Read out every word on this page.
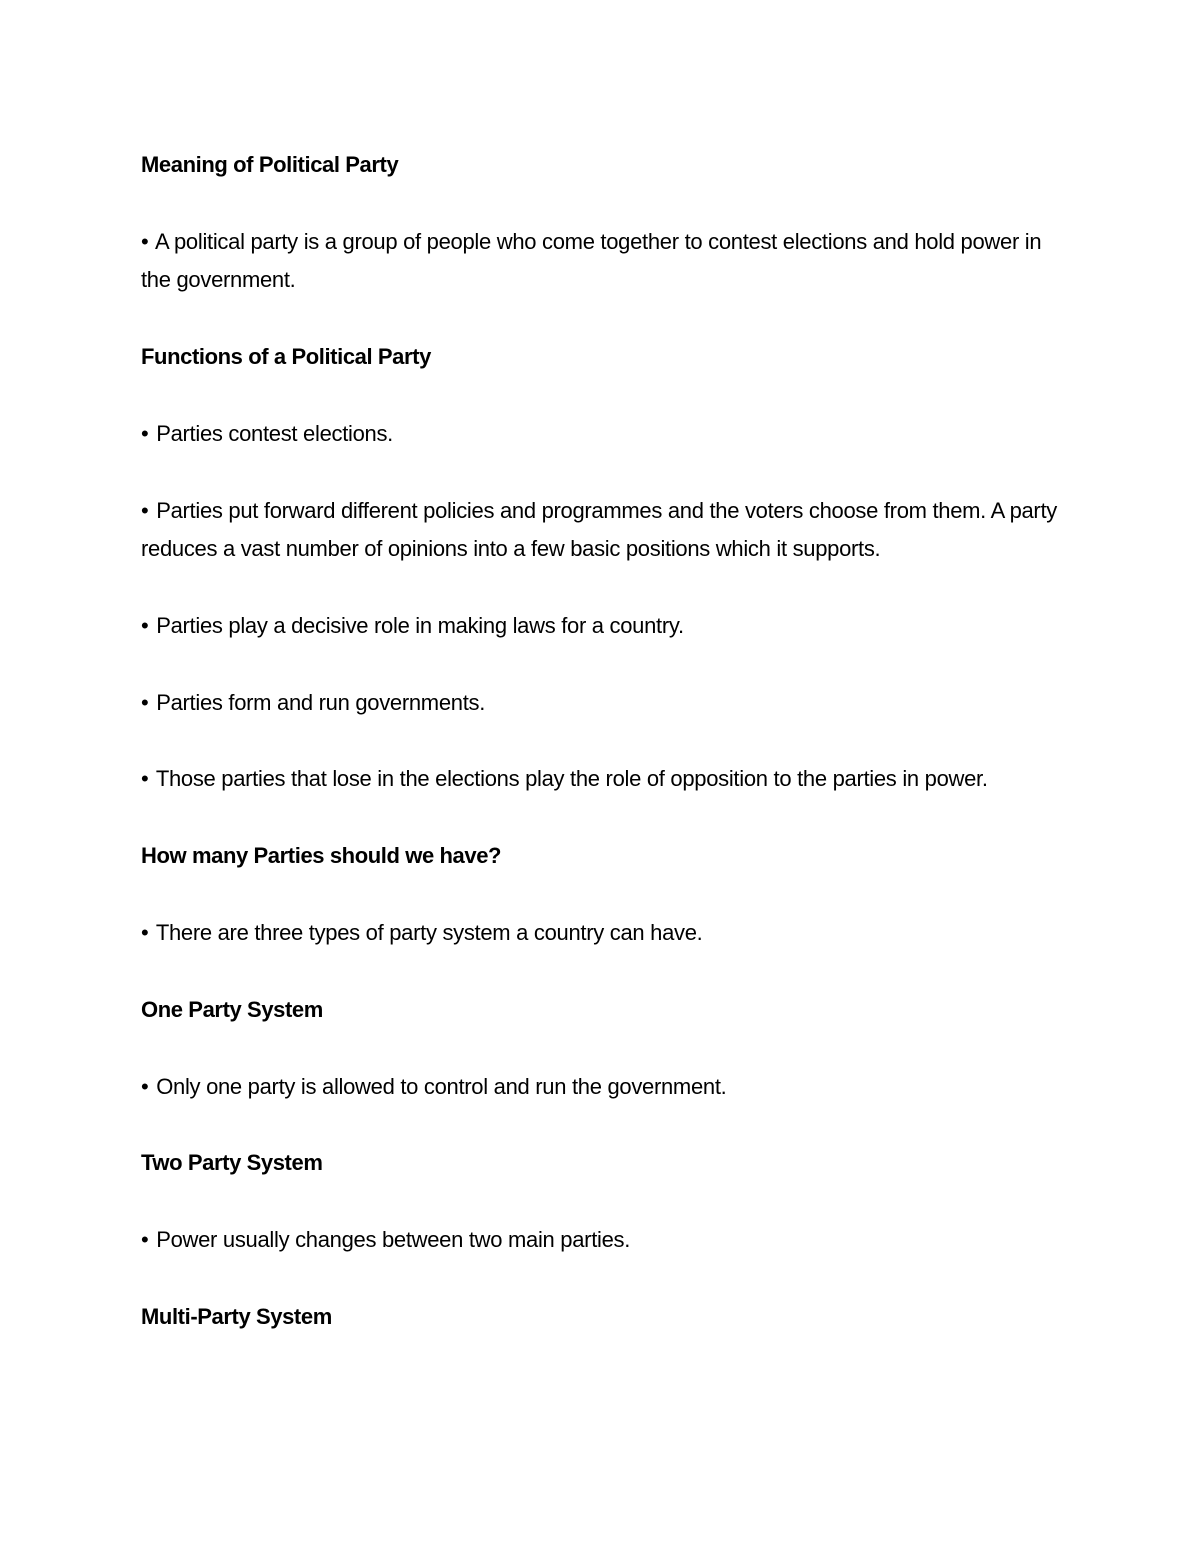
Meaning of Political Party

• A political party is a group of people who come together to contest elections and hold power in the government.

Functions of a Political Party

• Parties contest elections.

• Parties put forward different policies and programmes and the voters choose from them. A party reduces a vast number of opinions into a few basic positions which it supports.

• Parties play a decisive role in making laws for a country.

• Parties form and run governments.

• Those parties that lose in the elections play the role of opposition to the parties in power.

How many Parties should we have?

• There are three types of party system a country can have.

One Party System

• Only one party is allowed to control and run the government.

Two Party System

• Power usually changes between two main parties.

Multi-Party System
